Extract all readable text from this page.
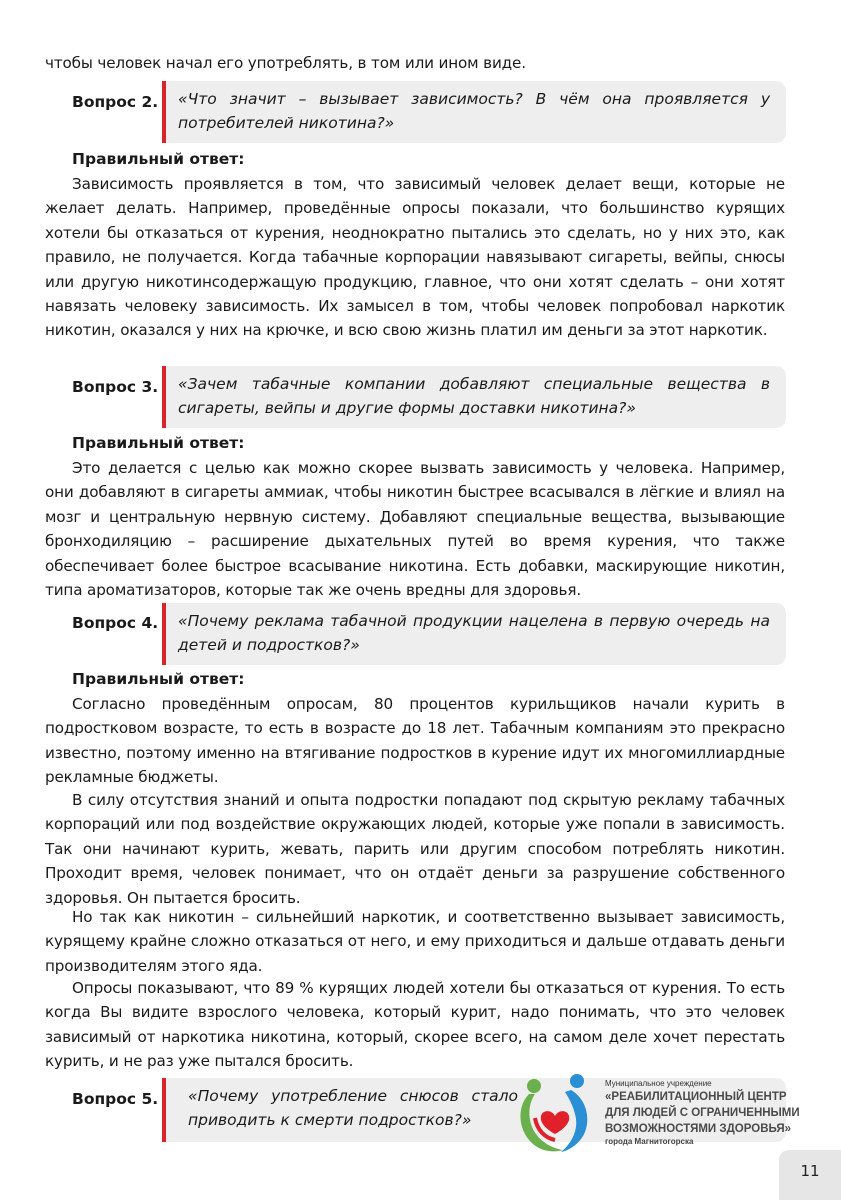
чтобы человек начал его употреблять, в том или ином виде.

Вопрос 2. «Что значит – вызывает зависимость? В чём она проявляется у потребителей никотина?»

Правильный ответ:

Зависимость проявляется в том, что зависимый человек делает вещи, которые не желает делать. Например, проведённые опросы показали, что большинство курящих хотели бы отказаться от курения, неоднократно пытались это сделать, но у них это, как правило, не получается. Когда табачные корпорации навязывают сигареты, вейпы, снюсы или другую никотинсодержащую продукцию, главное, что они хотят сделать – они хотят навязать человеку зависимость. Их замысел в том, чтобы человек попробовал наркотик никотин, оказался у них на крючке, и всю свою жизнь платил им деньги за этот наркотик.

Вопрос 3. «Зачем табачные компании добавляют специальные вещества в сигареты, вейпы и другие формы доставки никотина?»

Правильный ответ:

Это делается с целью как можно скорее вызвать зависимость у человека. Например, они добавляют в сигареты аммиак, чтобы никотин быстрее всасывался в лёгкие и влиял на мозг и центральную нервную систему. Добавляют специальные вещества, вызывающие бронходиляцию – расширение дыхательных путей во время курения, что также обеспечивает более быстрое всасывание никотина. Есть добавки, маскирующие никотин, типа ароматизаторов, которые так же очень вредны для здоровья.

Вопрос 4. «Почему реклама табачной продукции нацелена в первую очередь на детей и подростков?»

Правильный ответ:

Согласно проведённым опросам, 80 процентов курильщиков начали курить в подростковом возрасте, то есть в возрасте до 18 лет. Табачным компаниям это прекрасно известно, поэтому именно на втягивание подростков в курение идут их многомиллиардные рекламные бюджеты.

В силу отсутствия знаний и опыта подростки попадают под скрытую рекламу табачных корпораций или под воздействие окружающих людей, которые уже попали в зависимость. Так они начинают курить, жевать, парить или другим способом потреблять никотин. Проходит время, человек понимает, что он отдаёт деньги за разрушение собственного здоровья. Он пытается бросить.

Но так как никотин – сильнейший наркотик, и соответственно вызывает зависимость, курящему крайне сложно отказаться от него, и ему приходиться и дальше отдавать деньги производителям этого яда.

Опросы показывают, что 89 % курящих людей хотели бы отказаться от курения. То есть когда Вы видите взрослого человека, который курит, надо понимать, что это человек зависимый от наркотика никотина, который, скорее всего, на самом деле хочет перестать курить, и не раз уже пытался бросить.

Вопрос 5. «Почему употребление снюсов стало приводить к смерти подростков?»

Муниципальное учреждение

«РЕАБИЛИТАЦИОННЫЙ ЦЕНТР

ДЛЯ ЛЮДЕЙ С ОГРАНИЧЕННЫМИ

ВОЗМОЖНОСТЯМИ ЗДОРОВЬЯ»

города Магнитогорска

11
